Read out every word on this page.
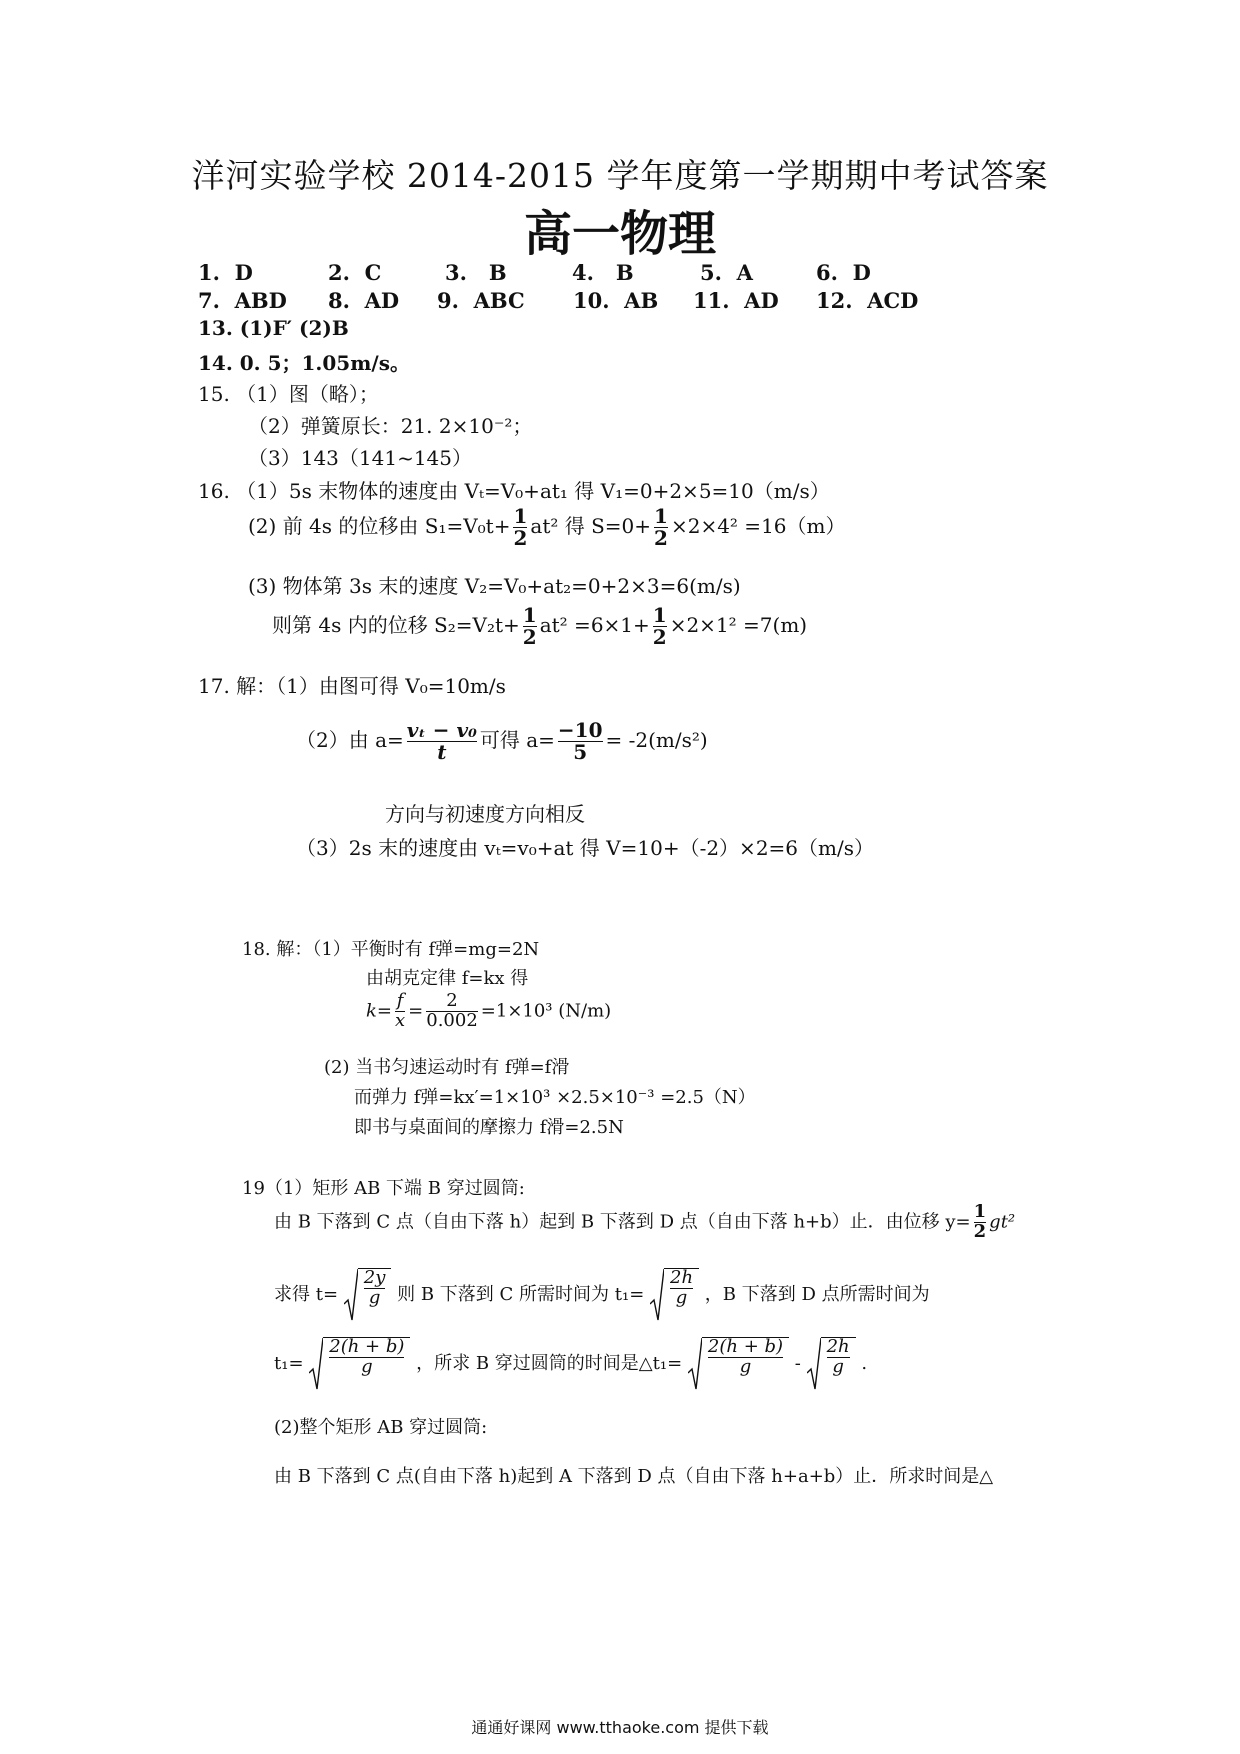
洋河实验学校 2014-2015 学年度第一学期期中考试答案
高一物理
1. D	2. C	3. B	4. B	5. A	6. D
7. ABD 8. AD 9. ABC 10. AB 11. AD 12. ACD
13. (1)F′ (2)B
14. 0. 5；1.05m/s。
15. （1）图（略）；
（2）弹簧原长：21. 2×10⁻²；
（3）143（141~145）
16. （1）5s 末物体的速度由 Vₜ=V₀+at₁ 得 V₁=0+2×5=10（m/s）
(2) 前 4s 的位移由 $S_1=V_0t+ \frac{1}{2} at^2$ 得 $S=0+ \frac{1}{2} \times 2\times 4^2 =16(m)$
(3) 物体第 3s 末的速度 V₂=V₀+at₂=0+2×3=6(m/s)
则第 4s 内的位移 $S_2=V_2t+ \frac{1}{2} at^2 =6\times 1+ \frac{1}{2} \times 2\times 1^2 =7(m)$
17. 解：（1）由图可得 V₀=10m/s
（2）由 $a= \frac{\text{vₜ − v₀}}{t}$ 可得 $a= \frac{-10}{5} = -2(m/s^2)$
方向与初速度方向相反
（3）2s 末的速度由 vₜ=v₀+at 得 V=10+（-2）×2=6（m/s）
18. 解：（1）平衡时有 f弹=mg=2N
由胡克定律 f=kx 得
$k= \frac{f}{x} = \frac{2}{0.002} =1\times 10^3$ (N/m)
(2) 当书匀速运动时有 f弹=f滑
而弹力 f弹=kx′=1×10³ ×2.5×10⁻³ =2.5（N）
即书与桌面间的摩擦力 f滑=2.5N
19（1）矩形 AB 下端 B 穿过圆筒:
由 B 下落到 C 点（自由下落 h）起到 B 下落到 D 点（自由下落 h+b）止．由位移 $y= \frac{1}{2} gt^2$
求得 $t= \frac{2y}{g}$ 则 B 下落到 C 所需时间为 $t_1= \frac{2h}{g}$ ，B 下落到 D 点所需时间为
$t_1= \frac{2(h + b)}{g}$ ，所求 B 穿过圆筒的时间是△t₁= $\frac{2(h + b)}{g} - \frac{2h}{g}$ .
(2)整个矩形 AB 穿过圆筒:
由 B 下落到 C 点(自由下落 h)起到 A 下落到 D 点（自由下落 h+a+b）止．所求时间是△
通通好课网 www.tthaoke.com 提供下载
